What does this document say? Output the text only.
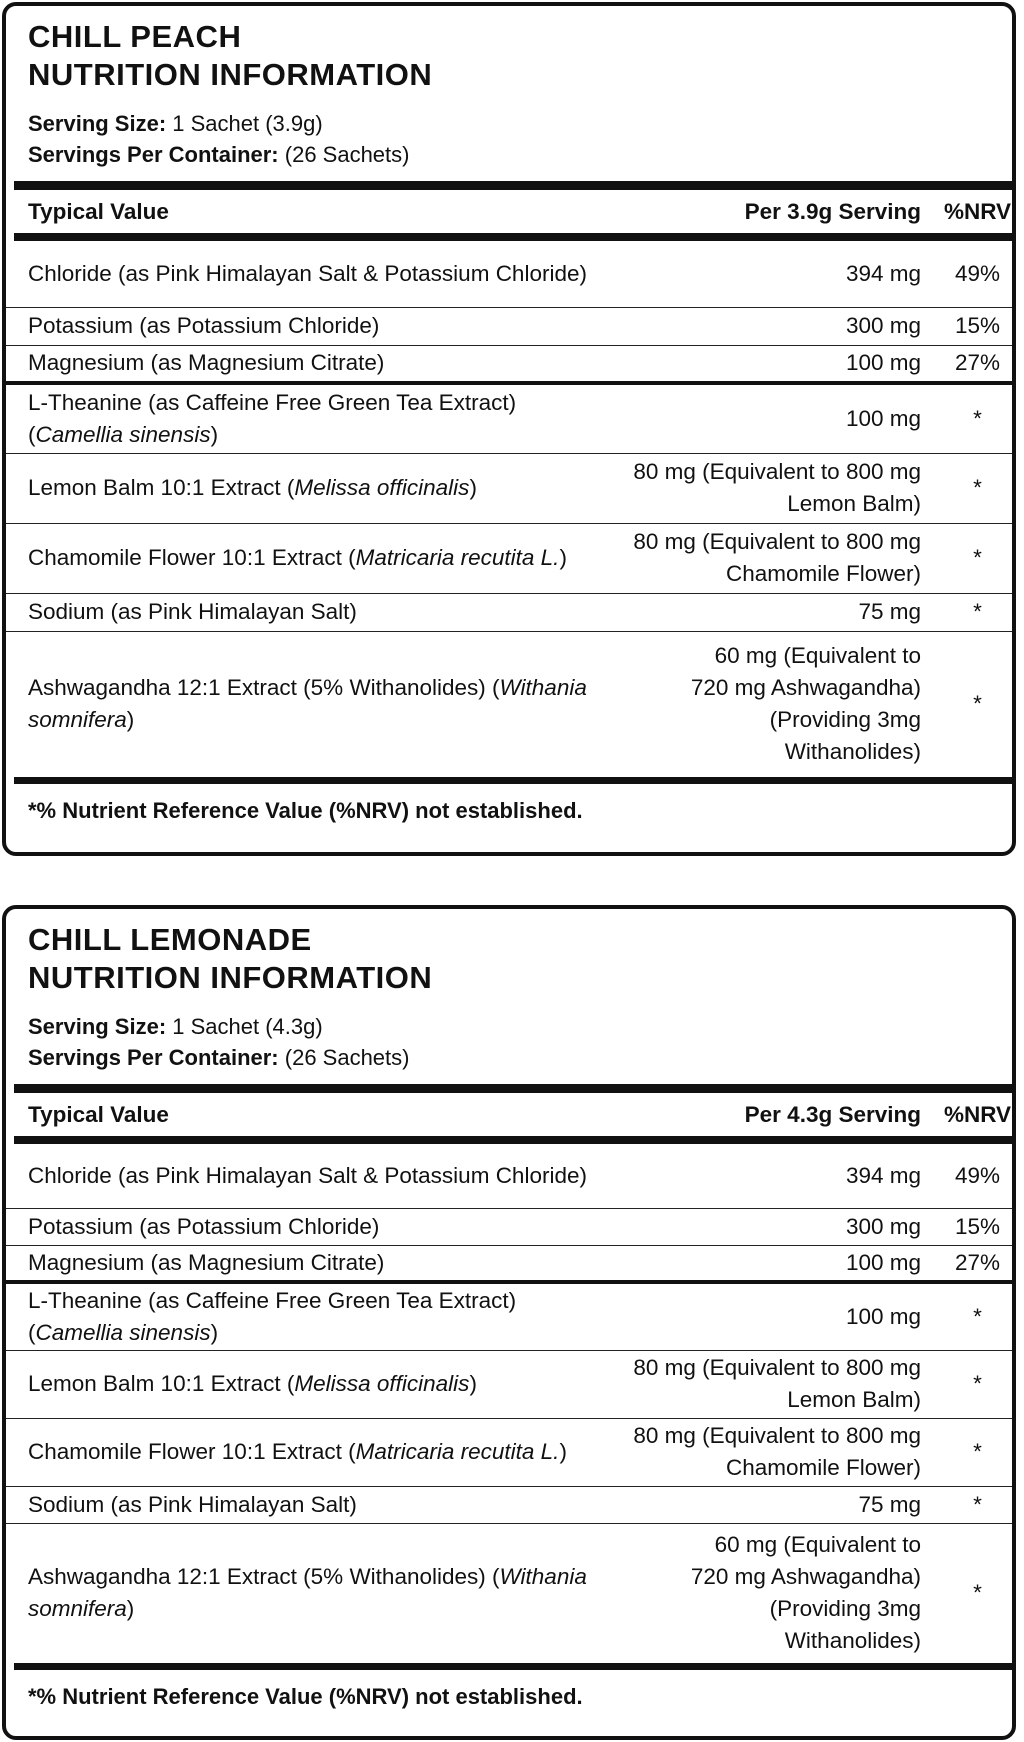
CHILL PEACH
NUTRITION INFORMATION
Serving Size: 1 Sachet (3.9g)
Servings Per Container: (26 Sachets)
Typical Value	Per 3.9g Serving	%NRV

Chloride (as Pink Himalayan Salt & Potassium Chloride)	394 mg	49%
Potassium (as Potassium Chloride)	300 mg	15%
Magnesium (as Magnesium Citrate)	100 mg	27%
L-Theanine (as Caffeine Free Green Tea Extract) (Camellia sinensis)	100 mg	*
Lemon Balm 10:1 Extract (Melissa officinalis)	80 mg (Equivalent to 800 mg Lemon Balm)	*
Chamomile Flower 10:1 Extract (Matricaria recutita L.)	80 mg (Equivalent to 800 mg Chamomile Flower)	*
Sodium (as Pink Himalayan Salt)	75 mg	*
Ashwagandha 12:1 Extract (5% Withanolides) (Withania somnifera)	60 mg (Equivalent to 720 mg Ashwagandha) (Providing 3mg Withanolides)	*
*% Nutrient Reference Value (%NRV) not established.
CHILL LEMONADE
NUTRITION INFORMATION
Serving Size: 1 Sachet (4.3g)
Servings Per Container: (26 Sachets)
Typical Value	Per 4.3g Serving	%NRV

Chloride (as Pink Himalayan Salt & Potassium Chloride)	394 mg	49%
Potassium (as Potassium Chloride)	300 mg	15%
Magnesium (as Magnesium Citrate)	100 mg	27%
L-Theanine (as Caffeine Free Green Tea Extract) (Camellia sinensis)	100 mg	*
Lemon Balm 10:1 Extract (Melissa officinalis)	80 mg (Equivalent to 800 mg Lemon Balm)	*
Chamomile Flower 10:1 Extract (Matricaria recutita L.)	80 mg (Equivalent to 800 mg Chamomile Flower)	*
Sodium (as Pink Himalayan Salt)	75 mg	*
Ashwagandha 12:1 Extract (5% Withanolides) (Withania somnifera)	60 mg (Equivalent to 720 mg Ashwagandha) (Providing 3mg Withanolides)	*
*% Nutrient Reference Value (%NRV) not established.
